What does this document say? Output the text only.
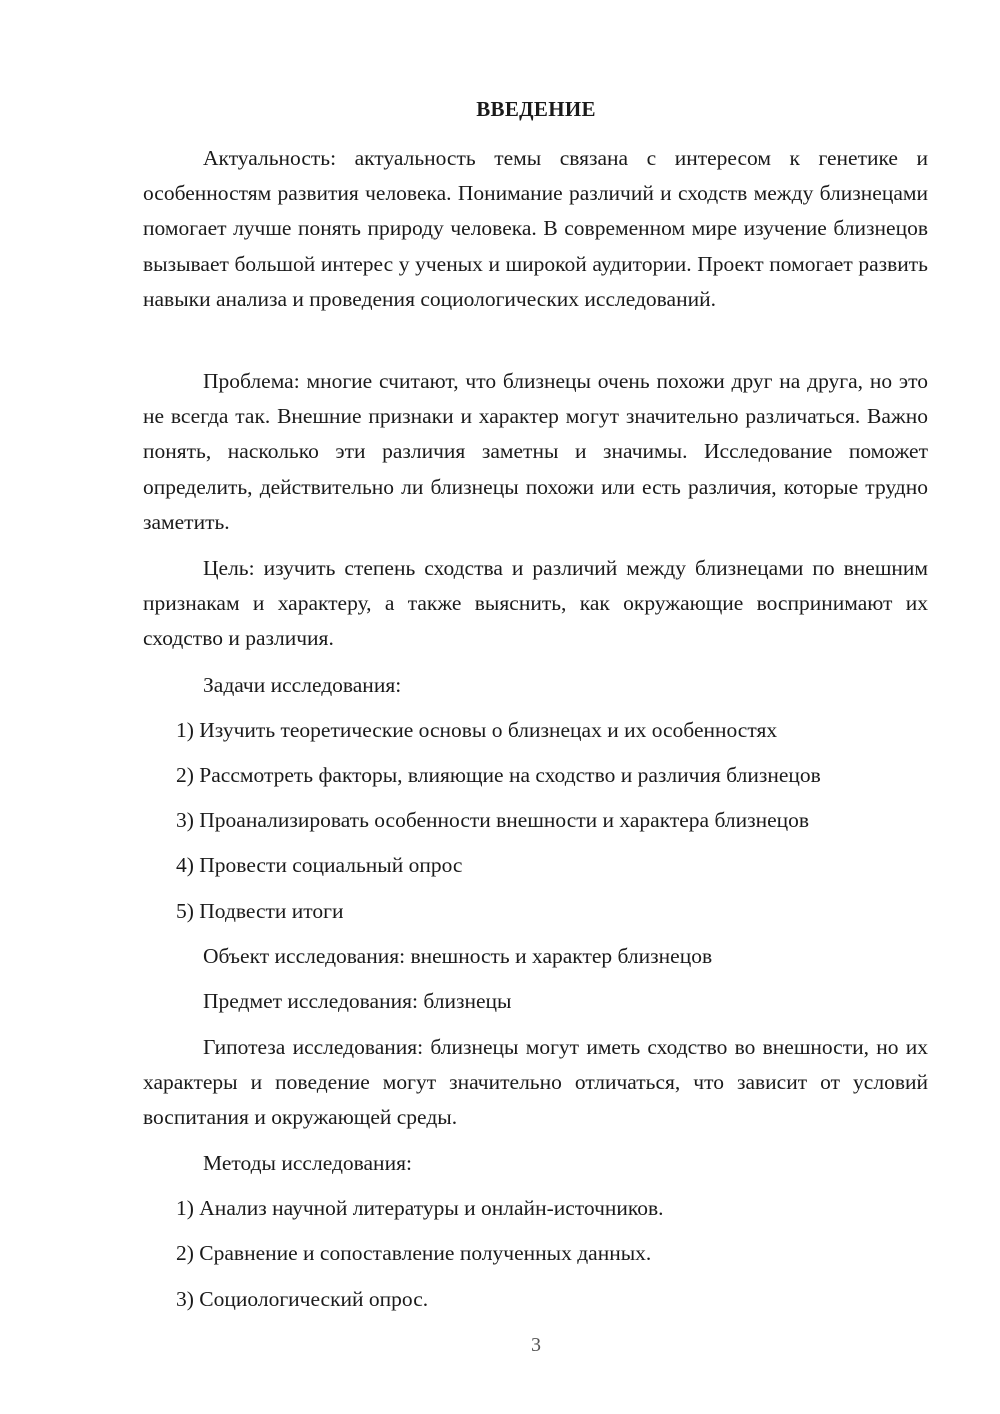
ВВЕДЕНИЕ
Актуальность: актуальность темы связана с интересом к генетике и особенностям развития человека. Понимание различий и сходств между близнецами помогает лучше понять природу человека. В современном мире изучение близнецов вызывает большой интерес у ученых и широкой аудитории. Проект помогает развить навыки анализа и проведения социологических исследований.
Проблема: многие считают, что близнецы очень похожи друг на друга, но это не всегда так. Внешние признаки и характер могут значительно различаться. Важно понять, насколько эти различия заметны и значимы. Исследование поможет определить, действительно ли близнецы похожи или есть различия, которые трудно заметить.
Цель: изучить степень сходства и различий между близнецами по внешним признакам и характеру, а также выяснить, как окружающие воспринимают их сходство и различия.
Задачи исследования:
1) Изучить теоретические основы о близнецах и их особенностях
2) Рассмотреть факторы, влияющие на сходство и различия близнецов
3) Проанализировать особенности внешности и характера близнецов
4) Провести социальный опрос
5) Подвести итоги
Объект исследования: внешность и характер близнецов
Предмет исследования: близнецы
Гипотеза исследования: близнецы могут иметь сходство во внешности, но их характеры и поведение могут значительно отличаться, что зависит от условий воспитания и окружающей среды.
Методы исследования:
1) Анализ научной литературы и онлайн-источников.
2) Сравнение и сопоставление полученных данных.
3) Социологический опрос.
3
